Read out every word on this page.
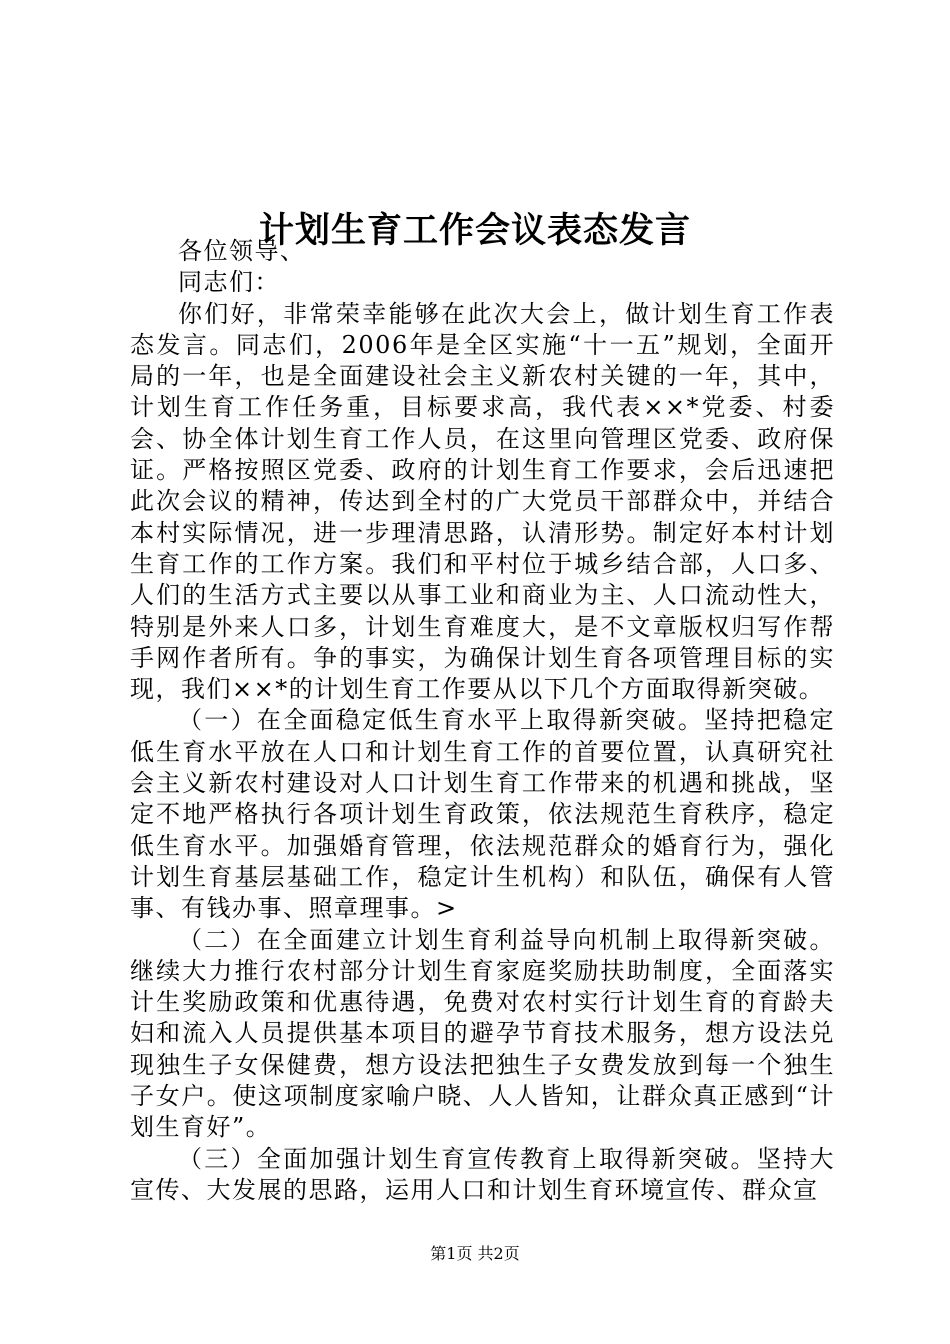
计划生育工作会议表态发言

各位领导、

同志们：

你们好，非常荣幸能够在此次大会上，做计划生育工作表态发言。同志们，2006年是全区实施“十一五”规划，全面开局的一年，也是全面建设社会主义新农村关键的一年，其中，计划生育工作任务重，目标要求高，我代表××*党委、村委会、协全体计划生育工作人员，在这里向管理区党委、政府保证。严格按照区党委、政府的计划生育工作要求，会后迅速把此次会议的精神，传达到全村的广大党员干部群众中，并结合本村实际情况，进一步理清思路，认清形势。制定好本村计划生育工作的工作方案。我们和平村位于城乡结合部，人口多、人们的生活方式主要以从事工业和商业为主、人口流动性大，特别是外来人口多，计划生育难度大，是不文章版权归写作帮手网作者所有。争的事实，为确保计划生育各项管理目标的实现，我们××*的计划生育工作要从以下几个方面取得新突破。

（一）在全面稳定低生育水平上取得新突破。坚持把稳定低生育水平放在人口和计划生育工作的首要位置，认真研究社会主义新农村建设对人口计划生育工作带来的机遇和挑战，坚定不地严格执行各项计划生育政策，依法规范生育秩序，稳定低生育水平。加强婚育管理，依法规范群众的婚育行为，强化计划生育基层基础工作，稳定计生机构）和队伍，确保有人管事、有钱办事、照章理事。>

（二）在全面建立计划生育利益导向机制上取得新突破。继续大力推行农村部分计划生育家庭奖励扶助制度，全面落实计生奖励政策和优惠待遇，免费对农村实行计划生育的育龄夫妇和流入人员提供基本项目的避孕节育技术服务，想方设法兑现独生子女保健费，想方设法把独生子女费发放到每一个独生子女户。使这项制度家喻户晓、人人皆知，让群众真正感到“计划生育好”。

（三）全面加强计划生育宣传教育上取得新突破。坚持大宣传、大发展的思路，运用人口和计划生育环境宣传、群众宣

第1页 共2页
